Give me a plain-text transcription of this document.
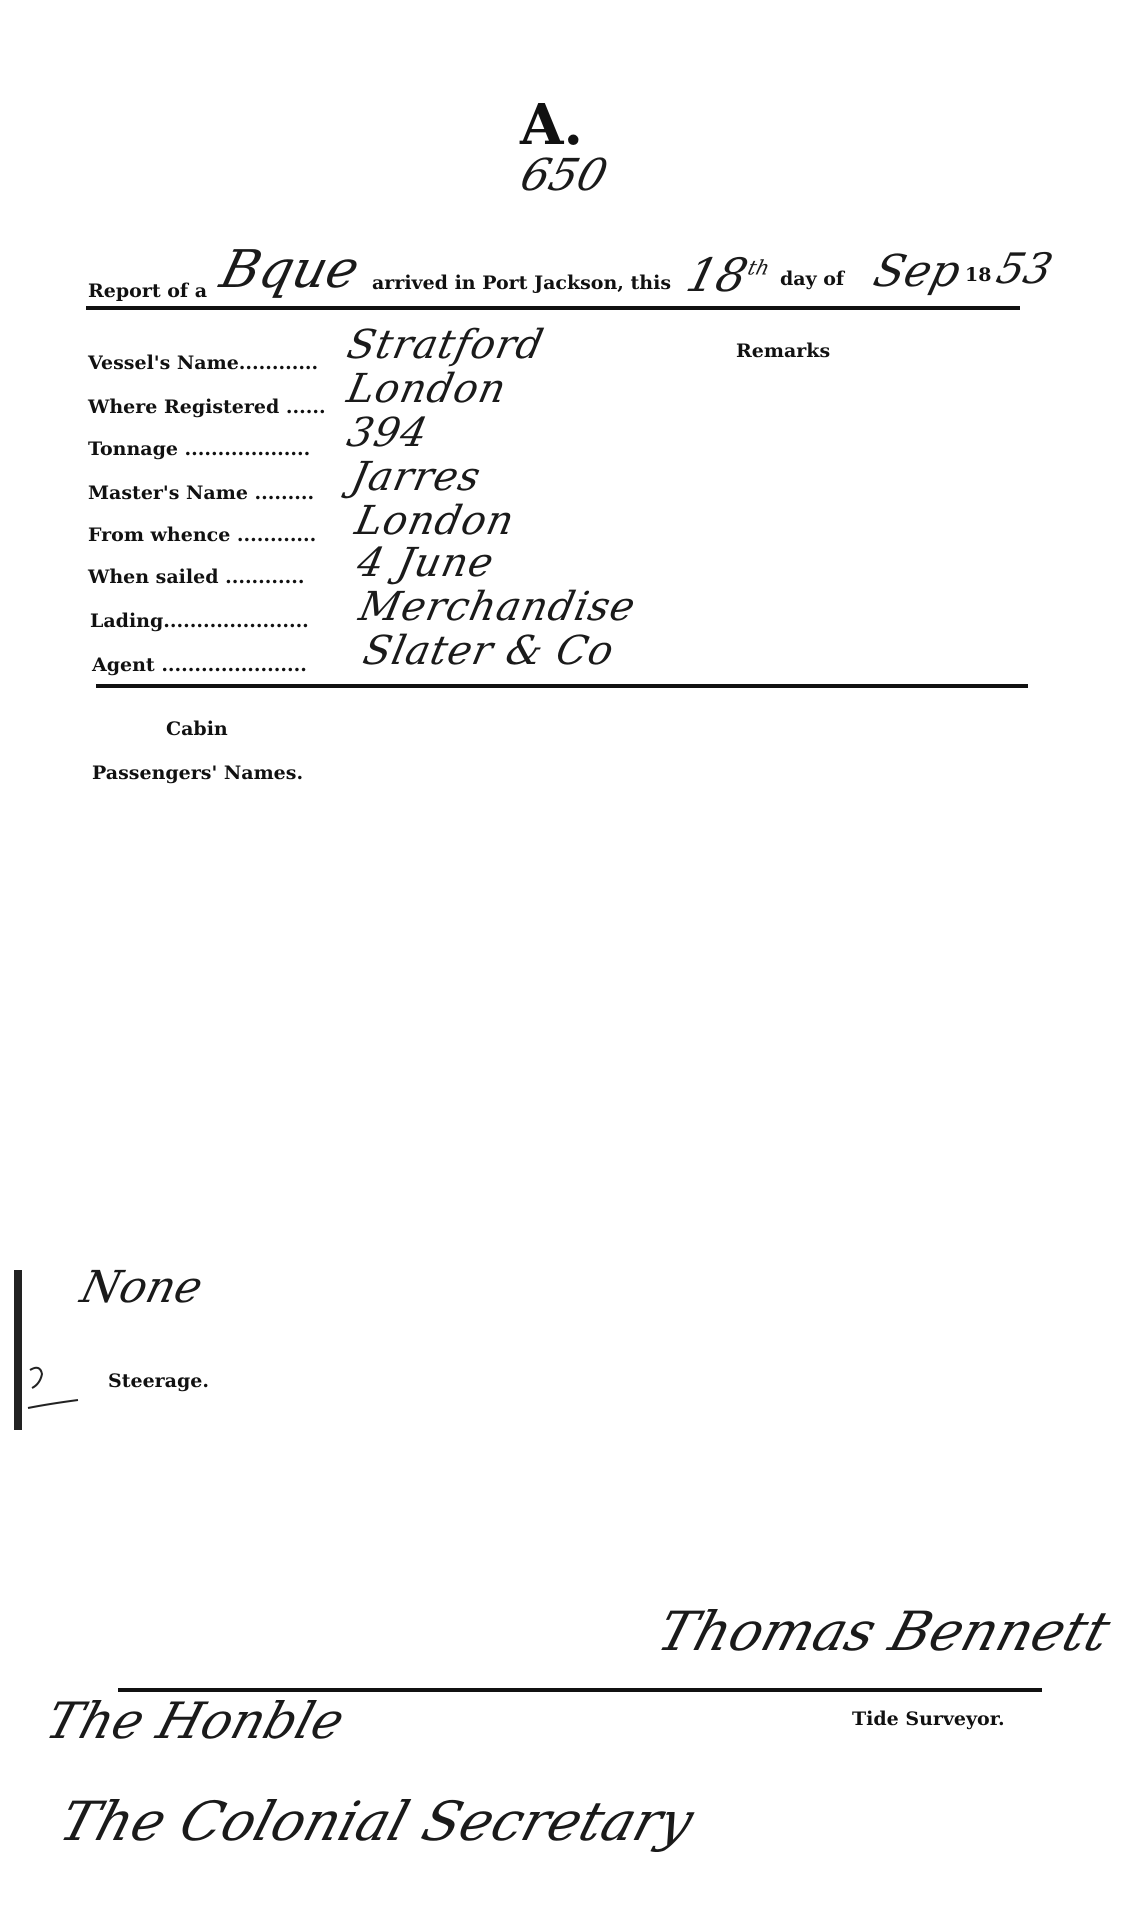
A.
650
Report of a Bque arrived in Port Jackson, this 18th day of Sep 18 53
Remarks
Vessel's Name............ Stratford
Where Registered ...... London
Tonnage ................... 394
Master's Name ......... Jarres
From whence ............ London
When sailed ............ 4 June
Lading...................... Merchandise
Agent ...................... Slater & Co
Cabin
Passengers' Names.
None
Steerage.
Thomas Bennett
Tide Surveyor.
The Honble
The Colonial Secretary
